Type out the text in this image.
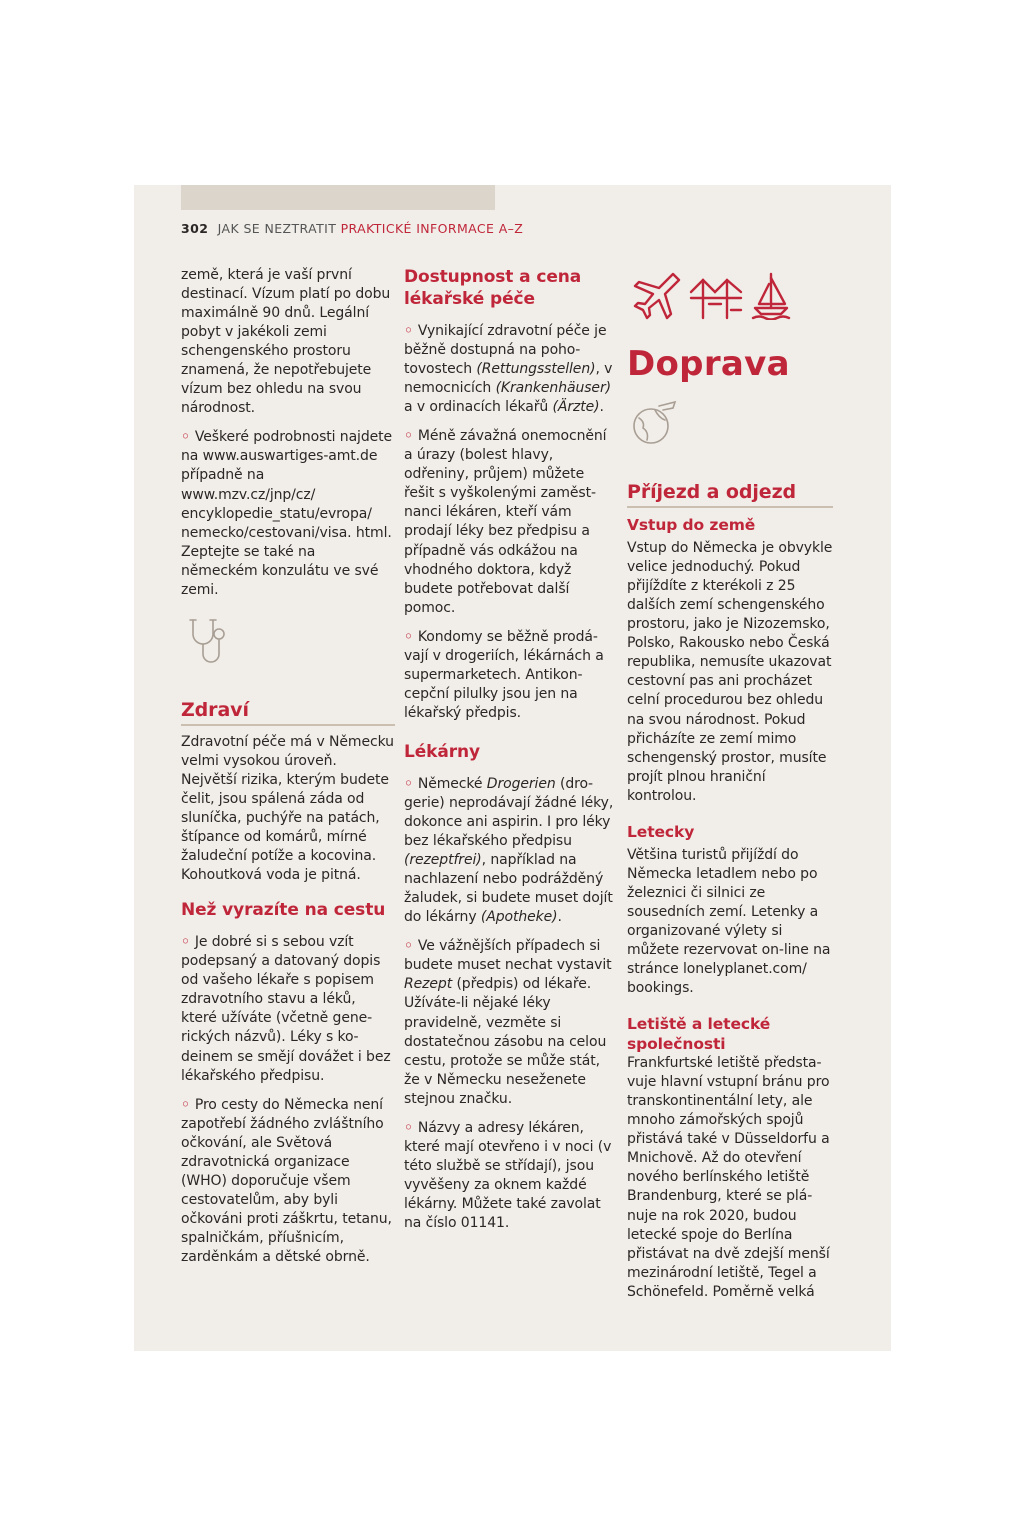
302 JAK SE NEZTRATIT PRAKTICKÉ INFORMACE A–Z

země, která je vaší první destinací. Vízum platí po dobu maximálně 90 dnů. Legální pobyt v jakékoli zemi schengenského prostoru znamená, že nepotřebujete vízum bez ohledu na svou národnost.

◦ Veškeré podrobnosti najdete na www.auswartiges-amt.de případně na www.mzv.cz/jnp/cz/ encyklopedie_statu/evropa/ nemecko/cestovani/visa. html. Zeptejte se také na německém konzulátu ve své zemi.

Zdraví

Zdravotní péče má v Německu velmi vysokou úroveň. Největší rizika, kterým budete čelit, jsou spálená záda od sluníčka, puchýře na patách, štípance od komárů, mírné žaludeční potíže a kocovina. Kohoutková voda je pitná.

Než vyrazíte na cestu

◦ Je dobré si s sebou vzít podepsaný a datovaný dopis od vašeho lékaře s popisem zdravotního stavu a léků, které užíváte (včetně generických názvů). Léky s kodeinem se smějí dovážet i bez lékařského předpisu.

◦ Pro cesty do Německa není zapotřebí žádného zvláštního očkování, ale Světová zdravotnická organizace (WHO) doporučuje všem cestovatelům, aby byli očkováni proti záškrtu, tetanu, spalničkám, příušnicím, zarděnkám a dětské obrně.

Dostupnost a cena lékařské péče

◦ Vynikající zdravotní péče je běžně dostupná na pohotovostech (Rettungsstellen), v nemocnicích (Krankenhäuser) a v ordinacích lékařů (Ärzte).

◦ Méně závažná onemocnění a úrazy (bolest hlavy, odřeniny, průjem) můžete řešit s vyškolenými zaměstnanci lékáren, kteří vám prodají léky bez předpisu a případně vás odkážou na vhodného doktora, když budete potřebovat další pomoc.

◦ Kondomy se běžně prodávají v drogeriích, lékárnách a supermarketech. Antikoncepční pilulky jsou jen na lékařský předpis.

Lékárny

◦ Německé Drogerien (drogerie) neprodávají žádné léky, dokonce ani aspirin. I pro léky bez lékařského předpisu (rezeptfrei), například na nachlazení nebo podrážděný žaludek, si budete muset dojít do lékárny (Apotheke).

◦ Ve vážnějších případech si budete muset nechat vystavit Rezept (předpis) od lékaře. Užíváte-li nějaké léky pravidelně, vezměte si dostatečnou zásobu na celou cestu, protože se může stát, že v Německu neseženete stejnou značku.

◦ Názvy a adresy lékáren, které mají otevřeno i v noci (v této službě se střídají), jsou vyvěšeny za oknem každé lékárny. Můžete také zavolat na číslo 01141.

Doprava
Příjezd a odjezd
Vstup do země

Vstup do Německa je obvykle velice jednoduchý. Pokud přijíždíte z kterékoli z 25 dalších zemí schengenského prostoru, jako je Nizozemsko, Polsko, Rakousko nebo Česká republika, nemusíte ukazovat cestovní pas ani procházet celní procedurou bez ohledu na svou národnost. Pokud přicházíte ze zemí mimo schengenský prostor, musíte projít plnou hraniční kontrolou.

Letecky

Většina turistů přijíždí do Německa letadlem nebo po železnici či silnici ze sousedních zemí. Letenky a organizované výlety si můžete rezervovat on-line na stránce lonelyplanet.com/ bookings.

Letiště a letecké společnosti

Frankfurtské letiště představuje hlavní vstupní bránu pro transkontinentální lety, ale mnoho zámořských spojů přistává také v Düsseldorfu a Mnichově. Až do otevření nového berlínského letiště Brandenburg, které se plánuje na rok 2020, budou letecké spoje do Berlína přistávat na dvě zdejší menší mezinárodní letiště, Tegel a Schönefeld. Poměrně velká
